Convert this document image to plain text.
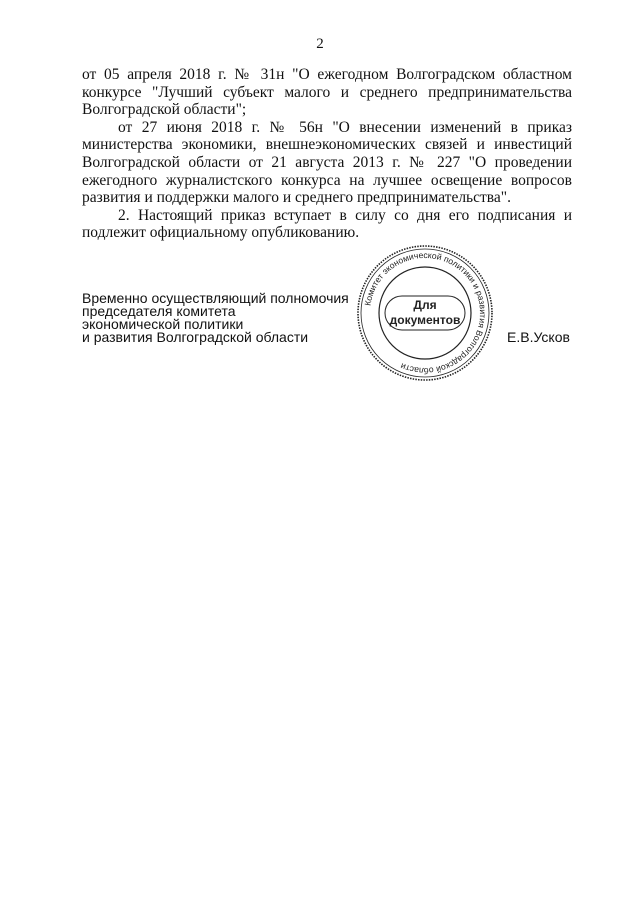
2

от 05 апреля 2018 г. № 31н "О ежегодном Волгоградском областном конкурсе "Лучший субъект малого и среднего предпринимательства Волгоградской области";

от 27 июня 2018 г. № 56н "О внесении изменений в приказ министерства экономики, внешнеэкономических связей и инвестиций Волгоградской области от 21 августа 2013 г. № 227 "О проведении ежегодного журналистского конкурса на лучшее освещение вопросов развития и поддержки малого и среднего предпринимательства".

2. Настоящий приказ вступает в силу со дня его подписания и подлежит официальному опубликованию.

Временно осуществляющий полномочия
председателя комитета
экономической политики
и развития Волгоградской области
Комитет экономической политики и развития Волгоградской области
Для
документов
Е.В.Усков
